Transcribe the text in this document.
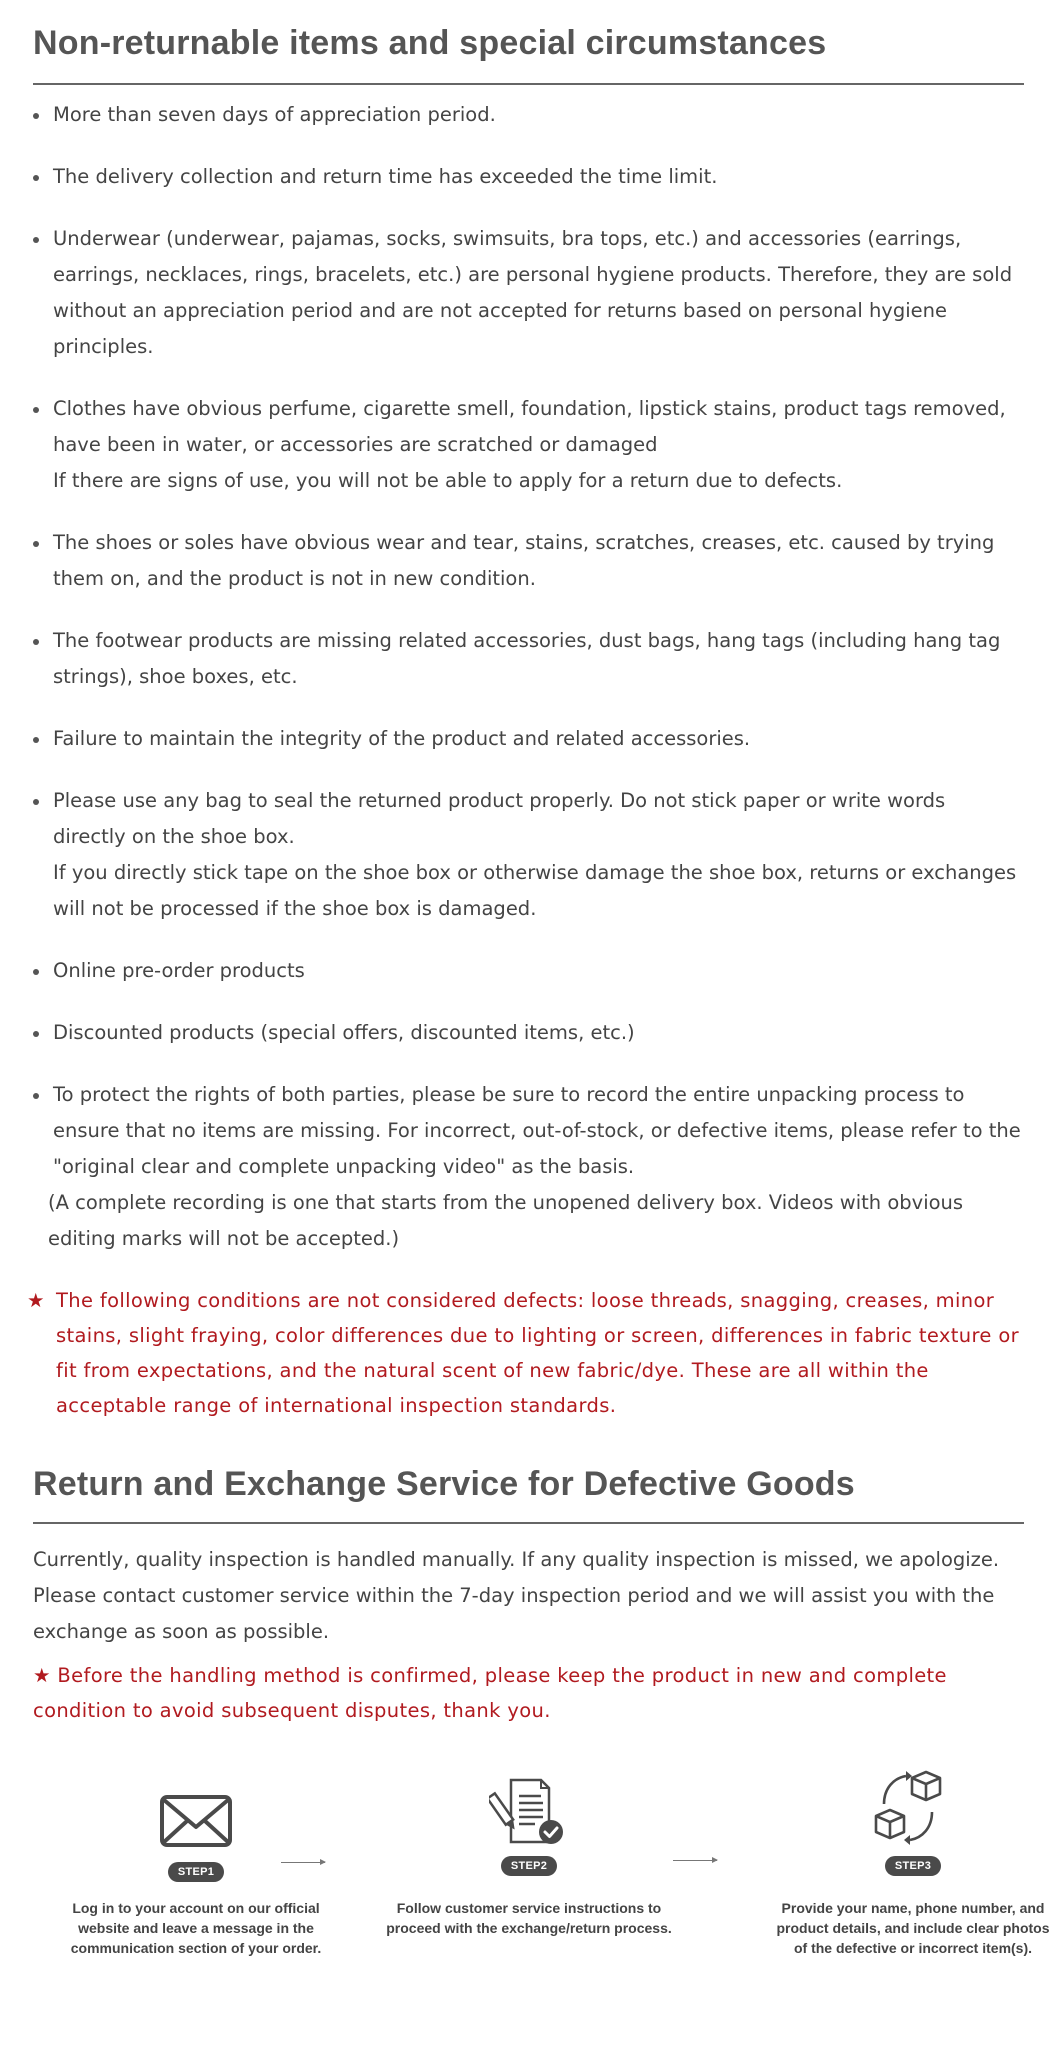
Non-returnable items and special circumstances
More than seven days of appreciation period.
The delivery collection and return time has exceeded the time limit.
Underwear (underwear, pajamas, socks, swimsuits, bra tops, etc.) and accessories (earrings, earrings, necklaces, rings, bracelets, etc.) are personal hygiene products. Therefore, they are sold without an appreciation period and are not accepted for returns based on personal hygiene principles.
Clothes have obvious perfume, cigarette smell, foundation, lipstick stains, product tags removed, have been in water, or accessories are scratched or damaged
If there are signs of use, you will not be able to apply for a return due to defects.
The shoes or soles have obvious wear and tear, stains, scratches, creases, etc. caused by trying them on, and the product is not in new condition.
The footwear products are missing related accessories, dust bags, hang tags (including hang tag strings), shoe boxes, etc.
Failure to maintain the integrity of the product and related accessories.
Please use any bag to seal the returned product properly. Do not stick paper or write words directly on the shoe box.
If you directly stick tape on the shoe box or otherwise damage the shoe box, returns or exchanges will not be processed if the shoe box is damaged.
Online pre-order products
Discounted products (special offers, discounted items, etc.)
To protect the rights of both parties, please be sure to record the entire unpacking process to ensure that no items are missing. For incorrect, out-of-stock, or defective items, please refer to the "original clear and complete unpacking video" as the basis.
(A complete recording is one that starts from the unopened delivery box. Videos with obvious editing marks will not be accepted.)
★ The following conditions are not considered defects: loose threads, snagging, creases, minor stains, slight fraying, color differences due to lighting or screen, differences in fabric texture or fit from expectations, and the natural scent of new fabric/dye. These are all within the acceptable range of international inspection standards.
Return and Exchange Service for Defective Goods
Currently, quality inspection is handled manually. If any quality inspection is missed, we apologize. Please contact customer service within the 7-day inspection period and we will assist you with the exchange as soon as possible.
★ Before the handling method is confirmed, please keep the product in new and complete condition to avoid subsequent disputes, thank you.
STEP1
Log in to your account on our official website and leave a message in the communication section of your order.
STEP2
Follow customer service instructions to proceed with the exchange/return process.
STEP3
Provide your name, phone number, and product details, and include clear photos of the defective or incorrect item(s).
